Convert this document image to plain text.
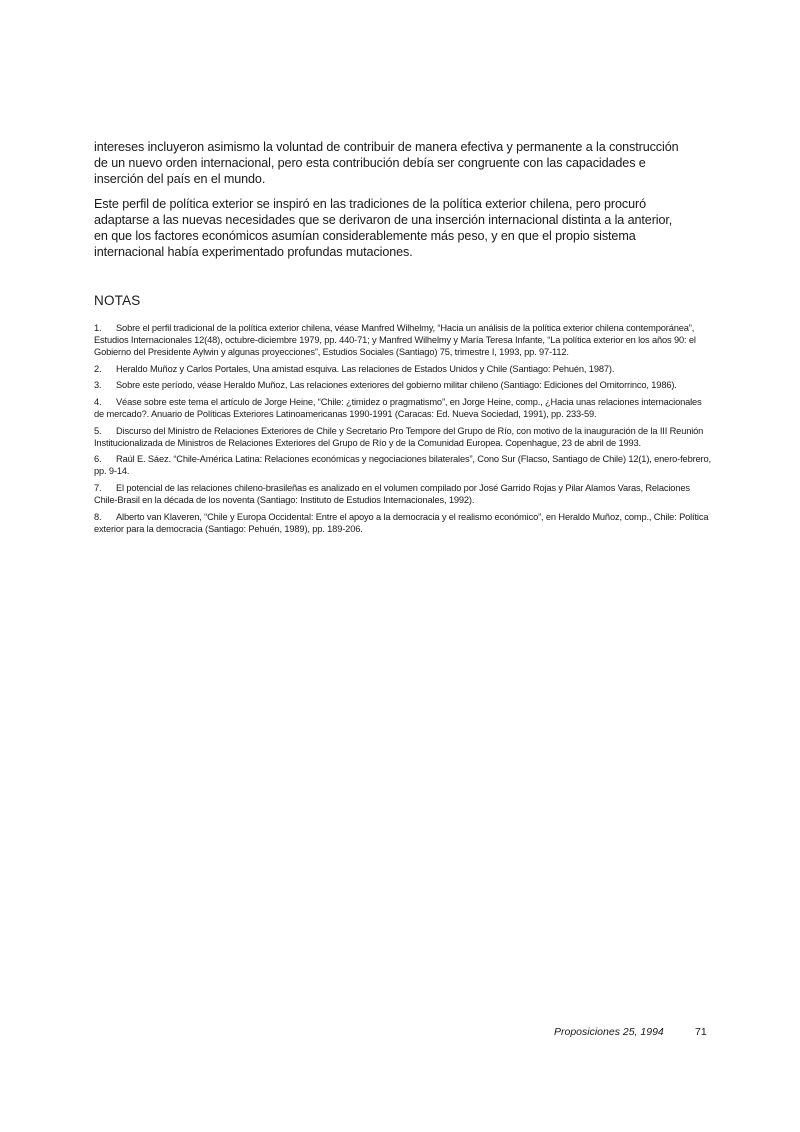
intereses incluyeron asimismo la voluntad de contribuir de manera efectiva y permanente a la construcción de un nuevo orden internacional, pero esta contribución debía ser congruente con las capacidades e inserción del país en el mundo.

Este perfil de política exterior se inspiró en las tradiciones de la política exterior chilena, pero procuró adaptarse a las nuevas necesidades que se derivaron de una inserción internacional distinta a la anterior, en que los factores económicos asumían considerablemente más peso, y en que el propio sistema internacional había experimentado profundas mutaciones.

NOTAS
1. Sobre el perfil tradicional de la política exterior chilena, véase Manfred Wilhelmy, “Hacia un análisis de la política exterior chilena contemporánea”, Estudios Internacionales 12(48), octubre-diciembre 1979, pp. 440-71; y Manfred Wilhelmy y María Teresa Infante, “La política exterior en los años 90: el Gobierno del Presidente Aylwin y algunas proyecciones”, Estudios Sociales (Santiago) 75, trimestre I, 1993, pp. 97-112.
2. Heraldo Muñoz y Carlos Portales, Una amistad esquiva. Las relaciones de Estados Unidos y Chile (Santiago: Pehuén, 1987).
3. Sobre este período, véase Heraldo Muñoz, Las relaciones exteriores del gobierno militar chileno (Santiago: Ediciones del Ornitorrinco, 1986).
4. Véase sobre este tema el artículo de Jorge Heine, “Chile: ¿timidez o pragmatismo”, en Jorge Heine, comp., ¿Hacia unas relaciones internacionales de mercado?. Anuario de Políticas Exteriores Latinoamericanas 1990-1991 (Caracas: Ed. Nueva Sociedad, 1991), pp. 233-59.
5. Discurso del Ministro de Relaciones Exteriores de Chile y Secretario Pro Tempore del Grupo de Río, con motivo de la inauguración de la III Reunión Institucionalizada de Ministros de Relaciones Exteriores del Grupo de Río y de la Comunidad Europea. Copenhague, 23 de abril de 1993.
6. Raúl E. Sáez. “Chile-América Latina: Relaciones económicas y negociaciones bilaterales”, Cono Sur (Flacso, Santiago de Chile) 12(1), enero-febrero, pp. 9-14.
7. El potencial de las relaciones chileno-brasileñas es analizado en el volumen compilado por José Garrido Rojas y Pilar Alamos Varas, Relaciones Chile-Brasil en la década de los noventa (Santiago: Instituto de Estudios Internacionales, 1992).
8. Alberto van Klaveren, “Chile y Europa Occidental: Entre el apoyo a la democracia y el realismo económico”, en Heraldo Muñoz, comp., Chile: Política exterior para la democracia (Santiago: Pehuén, 1989), pp. 189-206.
Proposiciones 25, 1994	71
